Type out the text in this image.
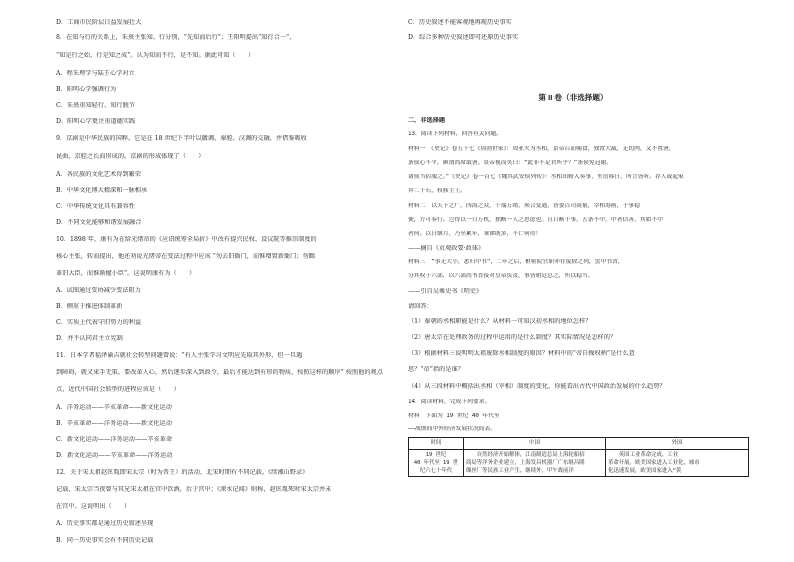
D．工商市民阶层日益发展壮大
8．在知与行的关系上，朱熹主张知、行分别，“先知而后行”；王阳明提出“知行合一”，
“知是行之始，行是知之成”。认为知而不行，是不知。据此可知（　　）
A．程朱理学与陆王心学对立
B．阳明心学强调行为
C．朱熹重知轻行、知行脱节
D．阳明心学更注重道德实践
9．京剧是中华民族的国粹。它是在 18 世纪下半叶以徽调、秦腔、汉调的交融，并借鉴吸收
昆曲、京腔之长而形成的。京剧的形成体现了（　　）
A．各民族的文化艺术得到繁荣
B．中华文化博大精深和一脉相承
C．中华传统文化具有兼容性
D．不同文化能够和谐发展融合
10．1898 年，康有为在给光绪帝的《应诏统筹全局折》中改有提兴民权、设议院等推崇制度的
核心主张，转而提出，他还劝说光绪帝在变法过程中应该 “勿去旧衙门，而惟增置新衙门；勿黜
革旧大臣，而惟渐擢小臣”。这说明康有为（　　）
A．试图通过妥协减少变法阻力
B．侧重于推进体制革新
C．实质上代表守旧势力的利益
D．并不认同君主立宪制
11．日本学者福泽谕吉就社会转型问题曾说：“有人主张学习文明应先取其外形，但一旦遇
到障碍，就又束手无策，要改革人心，然后逐步深入到政令，最后才能达到有形的物质，按照这样的顺序” 按照他的观点
点，近代中国社会转型的进程应该是（　　）
A．洋务运动——辛亥革命——新文化运动
B．辛亥革命——洋务运动——新文化运动
C．新文化运动——洋务运动——辛亥革命
D．新文化运动——辛亥革命——洋务运动
12．关于宋太祖赵匡胤即宋太宗（时为晋王）的活动，北宋时期有不同记载。《续湘山野录》
记载，宋太宗当夜曾与其兄宋太祖在宫中饮酒，后于宫中；《涑水记闻》则称，赵匡胤死时宋太宗并未
在宫中。这说明出（　　）
A．历史事实都是通过历史叙述呈现
B．同一历史事实会有不同历史记载
C．历史叙述不能客观地再现历史事实
D．综合多种历史叙述即可还原历史事实
第 II 卷（非选择题）
二、非选择题
13．阅读下列材料，回答有关问题。
材料一　《史记》卷五十七《周勃世家》：周亚夫为丞相，景帝召而赐食，独置大胾，无切肉，又不置箸，
条侯心不平，顾谓尚席取箸。景帝视而笑曰：“此非不足君所乎？”条侯免冠谢。
诸侯当宿服之。”《史记》卷一百七《魏其武安侯列传》：丞相田蚡入奏事，坐语移日，所言皆听。荐人或起家
拜二千石，权移主上。
材料二　以天下之广，四海之众，千端万绪，须合变通，皆委百司商量，宰相筹画，于事稳
便，方可奏行。岂得以一日万机，独断一人之思虑也。且日断十事，五条不中，中者信善，其如不中
者何。以日继月，乃至累年，乖谬既多，不亡何待！
——摘自《贞观政要·政体》
材料三　“事无大小，悉归中书”，二年之后，枢密院官职亦在废除之列，罢中书省，
分其权于六部，以六部尚书直接对皇帝负责，事皆朝廷总之，所以稳当。
——引自吴乘史书《明史》
请回答：
（1）秦朝的丞相职能是什么？从材料一可知汉初丞相的地位怎样？
（2）唐太宗在处理政务的过程中运用的是什么制度？其实际情况是怎样的？
（3）根据材料三说明明太祖废除丞相制度的原因？材料中的“帝自操权柄”是什么意
思？“帝”指的是谁？
（4）从三段材料中概括出丞相（宰相）制度的变化，你能看出古代中国政治发展的什么趋势？
14．阅读材料，完成下列要求。
材料　下面为 19 世纪 40 年代至
——战期间中外经济发展状况简表。
时间	中国	外国

19 世纪
40 年代至 19 世
纪六七十年代	　　自然经济开始解体，江南制造总局上海轮船招
商局等洋务企业建立，上海发昌机器厂广东继昌隆
缫丝厂等民族工业产生，继续外，甲午战前洋	　　英国工业革命完成，工业
革命开展，欧美国家进入工业化，城市
化迅速发展，欧美国家进入“黄
